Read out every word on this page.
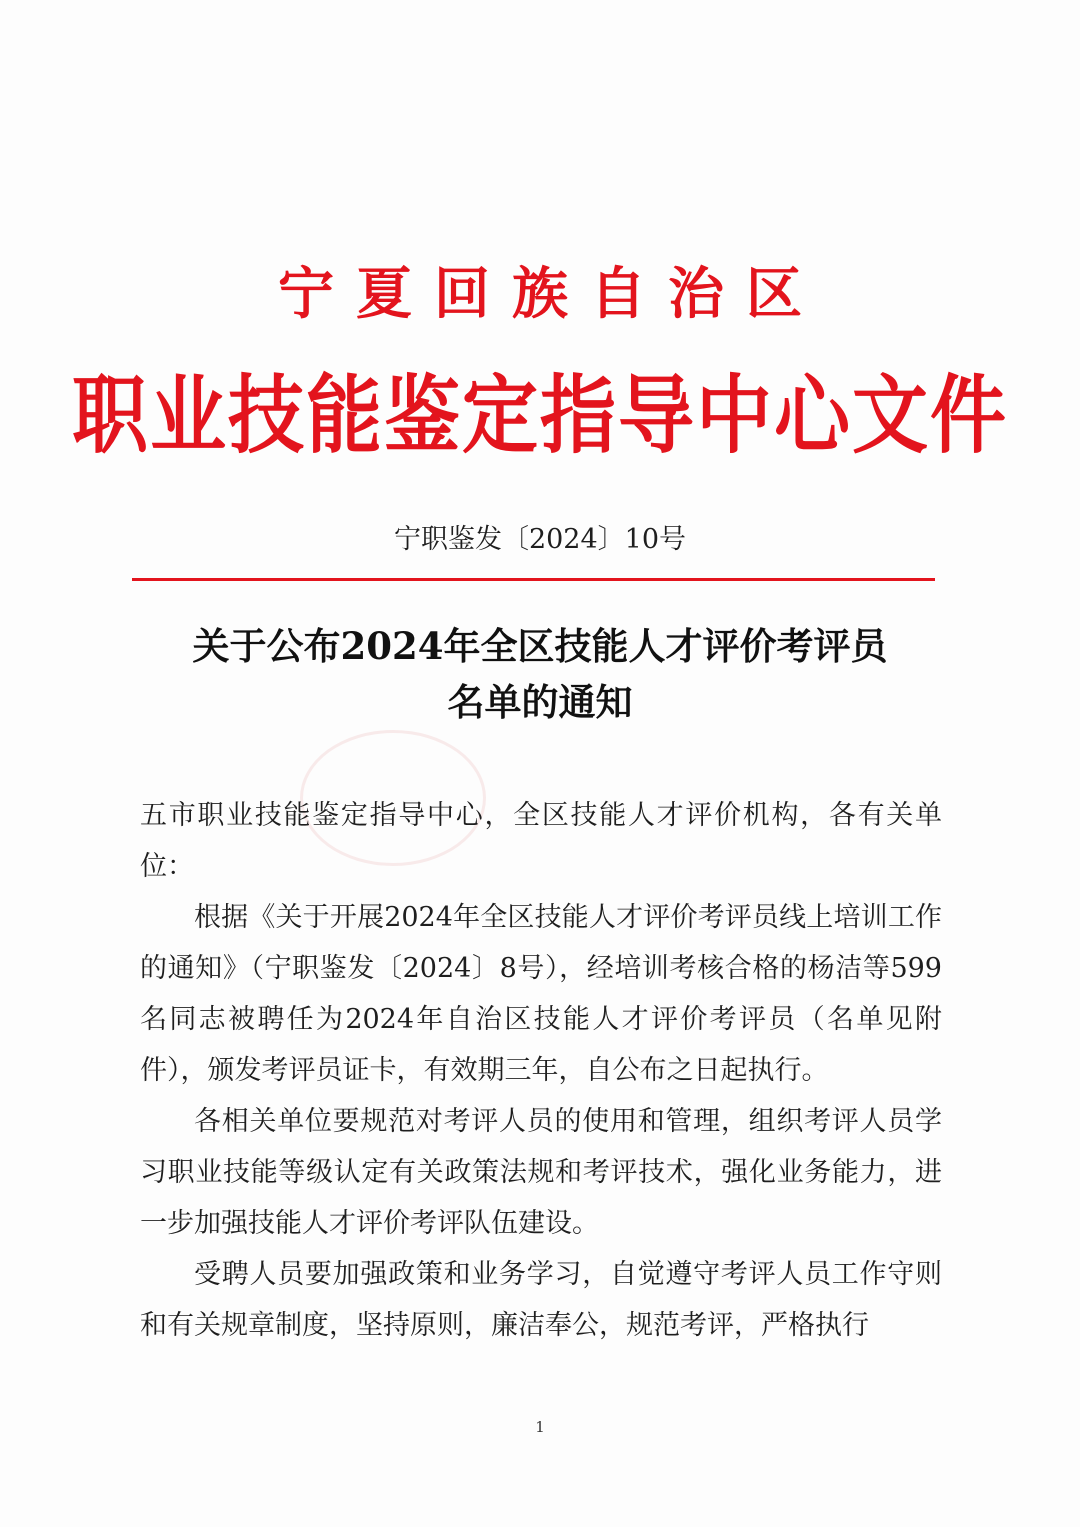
宁夏回族自治区
职业技能鉴定指导中心文件
宁职鉴发〔2024〕10号
关于公布2024年全区技能人才评价考评员
名单的通知

五市职业技能鉴定指导中心，全区技能人才评价机构，各有关单位：

根据《关于开展2024年全区技能人才评价考评员线上培训工作的通知》（宁职鉴发〔2024〕8号），经培训考核合格的杨洁等599名同志被聘任为2024年自治区技能人才评价考评员（名单见附件），颁发考评员证卡，有效期三年，自公布之日起执行。

各相关单位要规范对考评人员的使用和管理，组织考评人员学习职业技能等级认定有关政策法规和考评技术，强化业务能力，进一步加强技能人才评价考评队伍建设。

受聘人员要加强政策和业务学习，自觉遵守考评人员工作守则和有关规章制度，坚持原则，廉洁奉公，规范考评，严格执行

1
